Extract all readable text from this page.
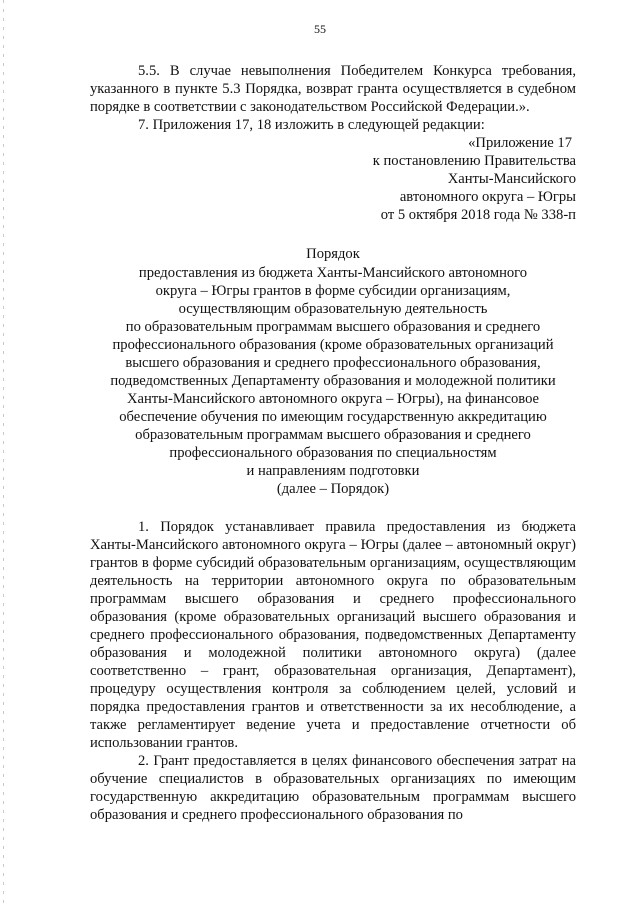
55

5.5. В случае невыполнения Победителем Конкурса требования, указанного в пункте 5.3 Порядка, возврат гранта осуществляется в судебном порядке в соответствии с законодательством Российской Федерации.».

7. Приложения 17, 18 изложить в следующей редакции:

«Приложение 17
к постановлению Правительства
Ханты-Мансийского
автономного округа – Югры
от 5 октября 2018 года № 338-п
Порядок
предоставления из бюджета Ханты-Мансийского автономного
округа – Югры грантов в форме субсидии организациям,
осуществляющим образовательную деятельность
по образовательным программам высшего образования и среднего
профессионального образования (кроме образовательных организаций
высшего образования и среднего профессионального образования,
подведомственных Департаменту образования и молодежной политики
Ханты-Мансийского автономного округа – Югры), на финансовое
обеспечение обучения по имеющим государственную аккредитацию
образовательным программам высшего образования и среднего
профессионального образования по специальностям
и направлениям подготовки
(далее – Порядок)

1. Порядок устанавливает правила предоставления из бюджета Ханты-Мансийского автономного округа – Югры (далее – автономный округ) грантов в форме субсидий образовательным организациям, осуществляющим деятельность на территории автономного округа по образовательным программам высшего образования и среднего профессионального образования (кроме образовательных организаций высшего образования и среднего профессионального образования, подведомственных Департаменту образования и молодежной политики автономного округа) (далее соответственно – грант, образовательная организация, Департамент), процедуру осуществления контроля за соблюдением целей, условий и порядка предоставления грантов и ответственности за их несоблюдение, а также регламентирует ведение учета и предоставление отчетности об использовании грантов.

2. Грант предоставляется в целях финансового обеспечения затрат на обучение специалистов в образовательных организациях по имеющим государственную аккредитацию образовательным программам высшего образования и среднего профессионального образования по
